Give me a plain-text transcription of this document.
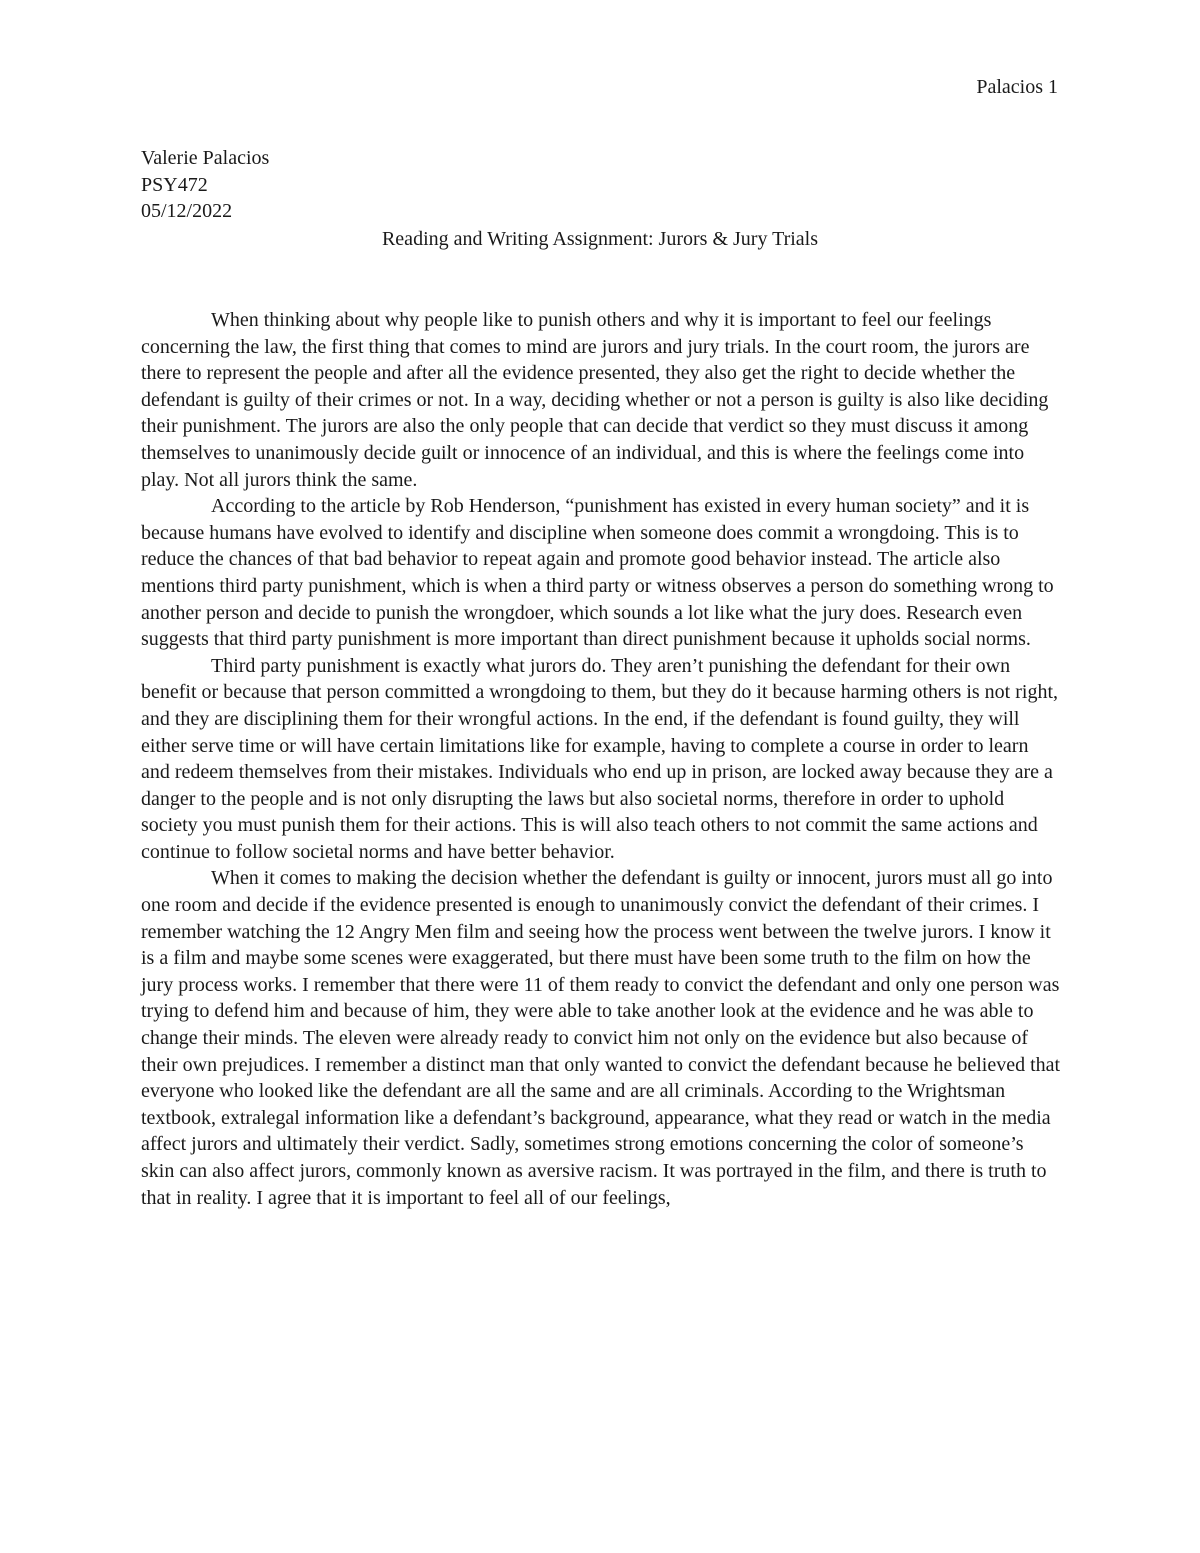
Palacios 1
Valerie Palacios
PSY472
05/12/2022
Reading and Writing Assignment: Jurors & Jury Trials

When thinking about why people like to punish others and why it is important to feel our feelings concerning the law, the first thing that comes to mind are jurors and jury trials. In the court room, the jurors are there to represent the people and after all the evidence presented, they also get the right to decide whether the defendant is guilty of their crimes or not. In a way, deciding whether or not a person is guilty is also like deciding their punishment. The jurors are also the only people that can decide that verdict so they must discuss it among themselves to unanimously decide guilt or innocence of an individual, and this is where the feelings come into play. Not all jurors think the same.

According to the article by Rob Henderson, “punishment has existed in every human society” and it is because humans have evolved to identify and discipline when someone does commit a wrongdoing. This is to reduce the chances of that bad behavior to repeat again and promote good behavior instead. The article also mentions third party punishment, which is when a third party or witness observes a person do something wrong to another person and decide to punish the wrongdoer, which sounds a lot like what the jury does. Research even suggests that third party punishment is more important than direct punishment because it upholds social norms.

Third party punishment is exactly what jurors do. They aren’t punishing the defendant for their own benefit or because that person committed a wrongdoing to them, but they do it because harming others is not right, and they are disciplining them for their wrongful actions. In the end, if the defendant is found guilty, they will either serve time or will have certain limitations like for example, having to complete a course in order to learn and redeem themselves from their mistakes. Individuals who end up in prison, are locked away because they are a danger to the people and is not only disrupting the laws but also societal norms, therefore in order to uphold society you must punish them for their actions. This is will also teach others to not commit the same actions and continue to follow societal norms and have better behavior.

When it comes to making the decision whether the defendant is guilty or innocent, jurors must all go into one room and decide if the evidence presented is enough to unanimously convict the defendant of their crimes. I remember watching the 12 Angry Men film and seeing how the process went between the twelve jurors. I know it is a film and maybe some scenes were exaggerated, but there must have been some truth to the film on how the jury process works. I remember that there were 11 of them ready to convict the defendant and only one person was trying to defend him and because of him, they were able to take another look at the evidence and he was able to change their minds. The eleven were already ready to convict him not only on the evidence but also because of their own prejudices. I remember a distinct man that only wanted to convict the defendant because he believed that everyone who looked like the defendant are all the same and are all criminals. According to the Wrightsman textbook, extralegal information like a defendant’s background, appearance, what they read or watch in the media affect jurors and ultimately their verdict. Sadly, sometimes strong emotions concerning the color of someone’s skin can also affect jurors, commonly known as aversive racism. It was portrayed in the film, and there is truth to that in reality. I agree that it is important to feel all of our feelings,
